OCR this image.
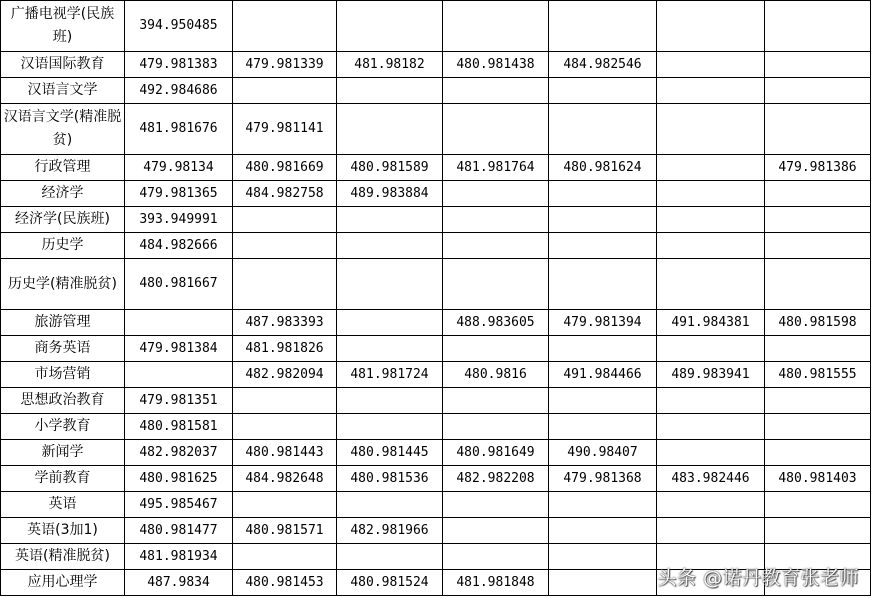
广播电视学(民族班)	394.950485						
汉语国际教育	479.981383	479.981339	481.98182	480.981438	484.982546		
汉语言文学	492.984686						
汉语言文学(精准脱贫)	481.981676	479.981141					
行政管理	479.98134	480.981669	480.981589	481.981764	480.981624		479.981386
经济学	479.981365	484.982758	489.983884				
经济学(民族班)	393.949991						
历史学	484.982666						
历史学(精准脱贫)	480.981667						
旅游管理		487.983393		488.983605	479.981394	491.984381	480.981598
商务英语	479.981384	481.981826					
市场营销		482.982094	481.981724	480.9816	491.984466	489.983941	480.981555
思想政治教育	479.981351						
小学教育	480.981581						
新闻学	482.982037	480.981443	480.981445	480.981649	490.98407		
学前教育	480.981625	484.982648	480.981536	482.982208	479.981368	483.982446	480.981403
英语	495.985467						
英语(3加1)	480.981477	480.981571	482.981966				
英语(精准脱贫)	481.981934						
应用心理学	487.9834	480.981453	480.981524	481.981848				头条 @诺丹教育张老师
